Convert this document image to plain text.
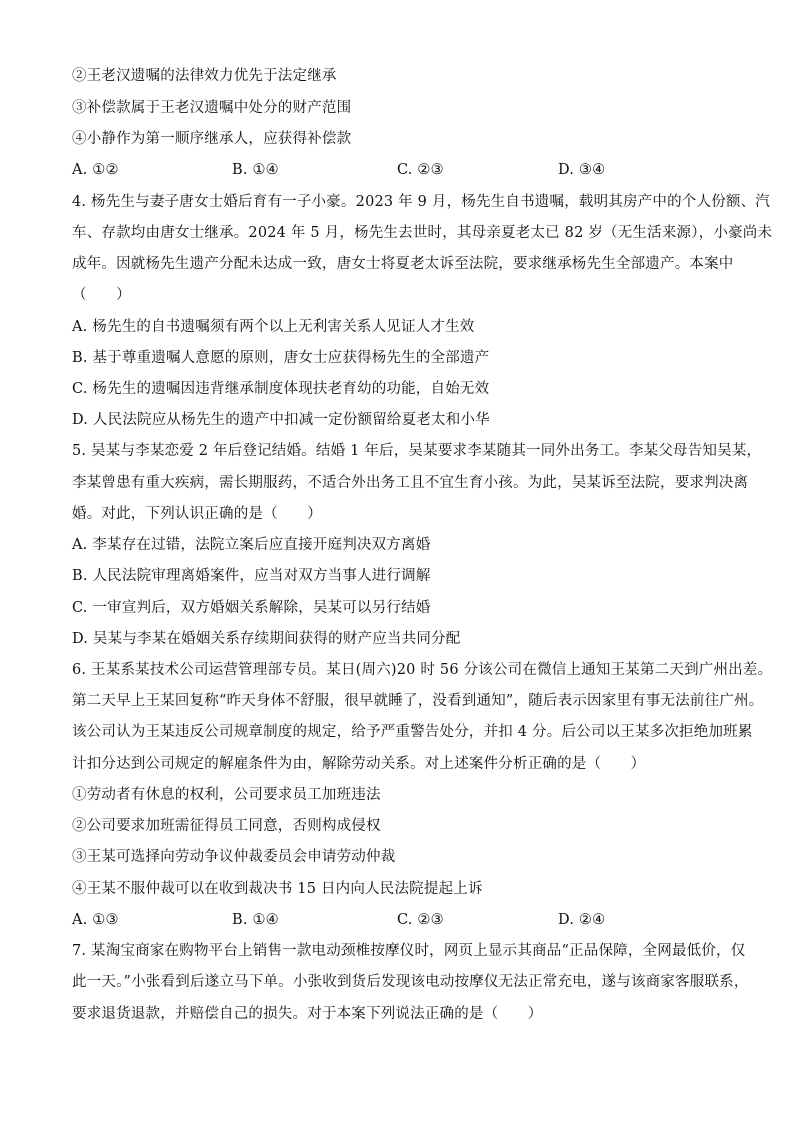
②王老汉遗嘱的法律效力优先于法定继承
③补偿款属于王老汉遗嘱中处分的财产范围
④小静作为第一顺序继承人，应获得补偿款
A. ①②	B. ①④	C. ②③	D. ③④
4. 杨先生与妻子唐女士婚后育有一子小豪。2023 年 9 月，杨先生自书遗嘱，载明其房产中的个人份额、汽
车、存款均由唐女士继承。2024 年 5 月，杨先生去世时，其母亲夏老太已 82 岁（无生活来源），小豪尚未
成年。因就杨先生遗产分配未达成一致，唐女士将夏老太诉至法院，要求继承杨先生全部遗产。本案中
（　　）
A. 杨先生的自书遗嘱须有两个以上无利害关系人见证人才生效
B. 基于尊重遗嘱人意愿的原则，唐女士应获得杨先生的全部遗产
C. 杨先生的遗嘱因违背继承制度体现扶老育幼的功能，自始无效
D. 人民法院应从杨先生的遗产中扣减一定份额留给夏老太和小华
5. 吴某与李某恋爱 2 年后登记结婚。结婚 1 年后，吴某要求李某随其一同外出务工。李某父母告知吴某，
李某曾患有重大疾病，需长期服药，不适合外出务工且不宜生育小孩。为此，吴某诉至法院，要求判决离
婚。对此，下列认识正确的是（　　）
A. 李某存在过错，法院立案后应直接开庭判决双方离婚
B. 人民法院审理离婚案件，应当对双方当事人进行调解
C. 一审宣判后，双方婚姻关系解除，吴某可以另行结婚
D. 吴某与李某在婚姻关系存续期间获得的财产应当共同分配
6. 王某系某技术公司运营管理部专员。某日(周六)20 时 56 分该公司在微信上通知王某第二天到广州出差。
第二天早上王某回复称“昨天身体不舒服，很早就睡了，没看到通知”，随后表示因家里有事无法前往广州。
该公司认为王某违反公司规章制度的规定，给予严重警告处分，并扣 4 分。后公司以王某多次拒绝加班累
计扣分达到公司规定的解雇条件为由，解除劳动关系。对上述案件分析正确的是（　　）
①劳动者有休息的权利，公司要求员工加班违法
②公司要求加班需征得员工同意，否则构成侵权
③王某可选择向劳动争议仲裁委员会申请劳动仲裁
④王某不服仲裁可以在收到裁决书 15 日内向人民法院提起上诉
A. ①③	B. ①④	C. ②③	D. ②④
7. 某淘宝商家在购物平台上销售一款电动颈椎按摩仪时，网页上显示其商品“正品保障，全网最低价，仅
此一天。”小张看到后遂立马下单。小张收到货后发现该电动按摩仪无法正常充电，遂与该商家客服联系，
要求退货退款，并赔偿自己的损失。对于本案下列说法正确的是（　　）
